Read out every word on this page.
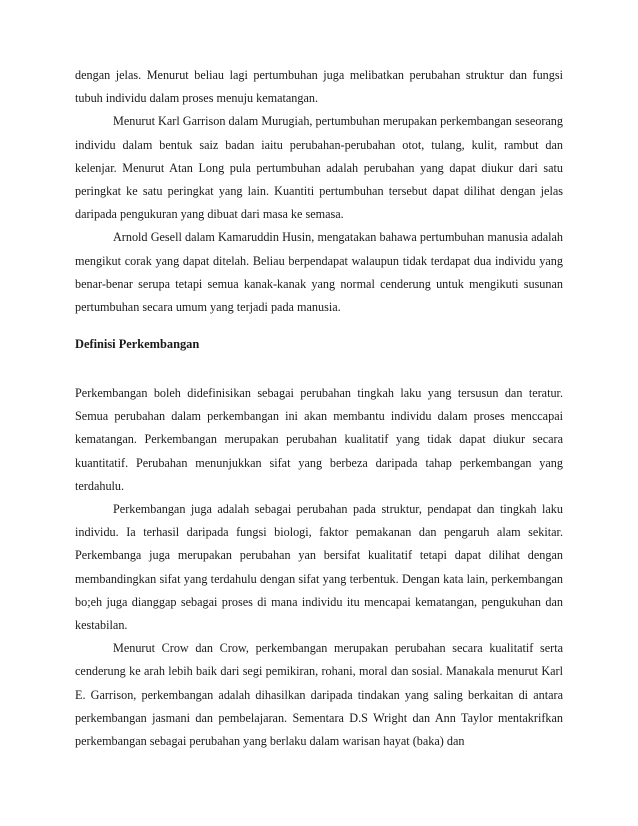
dengan jelas. Menurut beliau lagi pertumbuhan juga melibatkan perubahan struktur dan fungsi tubuh individu dalam proses menuju kematangan.

Menurut Karl Garrison dalam Murugiah, pertumbuhan merupakan perkembangan seseorang individu dalam bentuk saiz badan iaitu perubahan-perubahan otot, tulang, kulit, rambut dan kelenjar. Menurut Atan Long pula pertumbuhan adalah perubahan yang dapat diukur dari satu peringkat ke satu peringkat yang lain. Kuantiti pertumbuhan tersebut dapat dilihat dengan jelas daripada pengukuran yang dibuat dari masa ke semasa.

Arnold Gesell dalam Kamaruddin Husin, mengatakan bahawa pertumbuhan manusia adalah mengikut corak yang dapat ditelah. Beliau berpendapat walaupun tidak terdapat dua individu yang benar-benar serupa tetapi semua kanak-kanak yang normal cenderung untuk mengikuti susunan pertumbuhan secara umum yang terjadi pada manusia.

Definisi Perkembangan

Perkembangan boleh didefinisikan sebagai perubahan tingkah laku yang tersusun dan teratur. Semua perubahan dalam perkembangan ini akan membantu individu dalam proses menccapai kematangan. Perkembangan merupakan perubahan kualitatif yang tidak dapat diukur secara kuantitatif. Perubahan menunjukkan sifat yang berbeza daripada tahap perkembangan yang terdahulu.

Perkembangan juga adalah sebagai perubahan pada struktur, pendapat dan tingkah laku individu. Ia terhasil daripada fungsi biologi, faktor pemakanan dan pengaruh alam sekitar. Perkembanga juga merupakan perubahan yan bersifat kualitatif tetapi dapat dilihat dengan membandingkan sifat yang terdahulu dengan sifat yang terbentuk. Dengan kata lain, perkembangan bo;eh juga dianggap sebagai proses di mana individu itu mencapai kematangan, pengukuhan dan kestabilan.

Menurut Crow dan Crow, perkembangan merupakan perubahan secara kualitatif serta cenderung ke arah lebih baik dari segi pemikiran, rohani, moral dan sosial. Manakala menurut Karl E. Garrison, perkembangan adalah dihasilkan daripada tindakan yang saling berkaitan di antara perkembangan jasmani dan pembelajaran. Sementara D.S Wright dan Ann Taylor mentakrifkan perkembangan sebagai perubahan yang berlaku dalam warisan hayat (baka) dan
